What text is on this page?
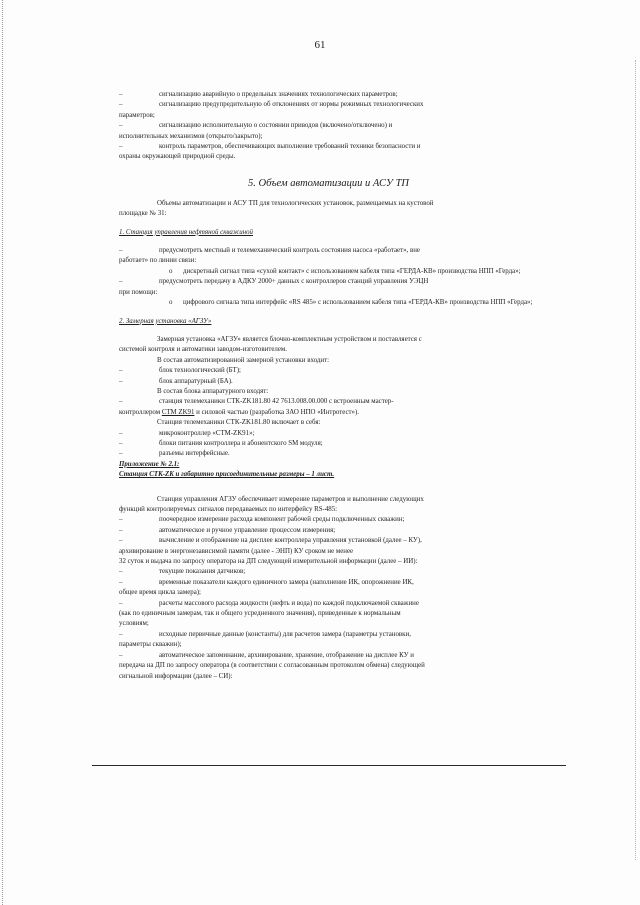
61
–	сигнализацию аварийную о предельных значениях технологических параметров;
–	сигнализацию предупредительную об отклонениях от нормы режимных технологических
параметров;
–	сигнализацию исполнительную о состоянии приводов (включено/отключено) и
исполнительных механизмов (открыто/закрыто);
–	контроль параметров, обеспечивающих выполнение требований техники безопасности и
охраны окружающей природной среды.
5. Объем автоматизации и АСУ ТП
Объемы автоматизации и АСУ ТП для технологических установок, размещаемых на кустовой
площадке № 31:
1. Станция управления нефтяной скважиной
–	предусмотреть местный и телемеханический контроль состояния насоса «работает», вне
работает» по линии связи:
o дискретный сигнал типа «сухой контакт» с использованием кабеля типа «ГЕРДА-КВ» производства НПП «Герда»;
–	предусмотреть передачу в АДКУ 2000+ данных с контроллеров станций управления УЭЦН
при помощи:
o цифрового сигнала типа интерфейс «RS 485» с использованием кабеля типа «ГЕРДА-КВ» производства НПП «Герда»;
2. Замерная установка «АГЗУ»
Замерная установка «АГЗУ» является блочно-комплектным устройством и поставляется с
системой контроля и автоматики заводом-изготовителем.
В состав автоматизированной замерной установки входит:
–	блок технологический (БТ);
–	блок аппаратурный (БА).
В состав блока аппаратурного входят:
–	станция телемеханики СТК-ZK181.80 42 7613.008.00.000 с встроенным мастер-
контроллером СТМ ZK91 и силовой частью (разработка ЗАО НПО «Интротест»).
Станция телемеханики СТК-ZK181.80 включает в себя:
–	микроконтроллер «СТМ-ZK91»;
–	блоки питания контроллера и абонентского SM модуля;
–	разъемы интерфейсные.
Приложение № 2.1:
Станция СТК-ZK и габаритно присоединительные размеры – 1 лист.
Станция управления АГЗУ обеспечивает измерение параметров и выполнение следующих
функций контролируемых сигналов передаваемых по интерфейсу RS-485:
–	поочередное измерение расхода компонент рабочей среды подключенных скважин;
–	автоматическое и ручное управление процессом измерения;
–	вычисление и отображение на дисплее контроллера управления установкой (далее – КУ),
архивирование в энергонезависимой памяти (далее - ЭНП) КУ сроком не менее
32 суток и выдача по запросу оператора на ДП следующей измерительной информации (далее – ИИ):
–	текущие показания датчиков;
–	временные показатели каждого единичного замера (наполнение ИК, опорожнение ИК,
общее время цикла замера);
–	расчеты массового расхода жидкости (нефть и вода) по каждой подключаемой скважине
(как по единичным замерам, так и общего усредненного значения), приведенные к нормальным
условиям;
–	исходные первичные данные (константы) для расчетов замера (параметры установки,
параметры скважин);
–	автоматическое запоминание, архивирование, хранение, отображение на дисплее КУ и
передача на ДП по запросу оператора (в соответствии с согласованным протоколом обмена) следующей
сигнальной информации (далее – СИ):
